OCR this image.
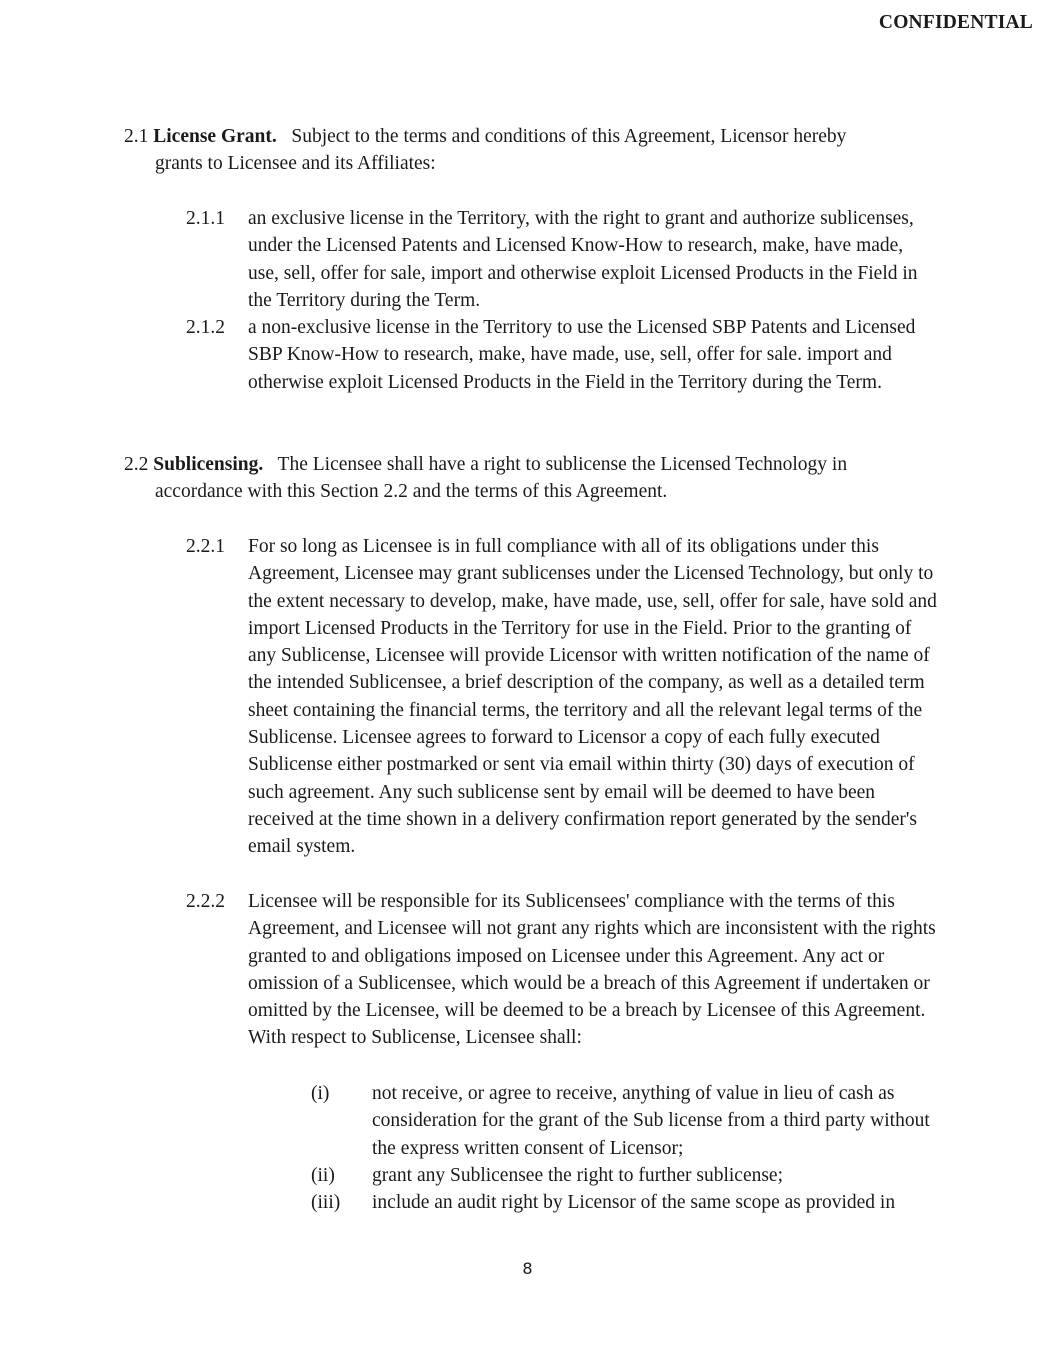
CONFIDENTIAL
2.1 License Grant. Subject to the terms and conditions of this Agreement, Licensor hereby
grants to Licensee and its Affiliates:
2.1.1 an exclusive license in the Territory, with the right to grant and authorize sublicenses, under the Licensed Patents and Licensed Know-How to research, make, have made, use, sell, offer for sale, import and otherwise exploit Licensed Products in the Field in the Territory during the Term.
2.1.2 a non-exclusive license in the Territory to use the Licensed SBP Patents and Licensed SBP Know-How to research, make, have made, use, sell, offer for sale. import and otherwise exploit Licensed Products in the Field in the Territory during the Term.
2.2 Sublicensing. The Licensee shall have a right to sublicense the Licensed Technology in
accordance with this Section 2.2 and the terms of this Agreement.
2.2.1 For so long as Licensee is in full compliance with all of its obligations under this Agreement, Licensee may grant sublicenses under the Licensed Technology, but only to the extent necessary to develop, make, have made, use, sell, offer for sale, have sold and import Licensed Products in the Territory for use in the Field. Prior to the granting of any Sublicense, Licensee will provide Licensor with written notification of the name of the intended Sublicensee, a brief description of the company, as well as a detailed term sheet containing the financial terms, the territory and all the relevant legal terms of the Sublicense. Licensee agrees to forward to Licensor a copy of each fully executed Sublicense either postmarked or sent via email within thirty (30) days of execution of such agreement. Any such sublicense sent by email will be deemed to have been received at the time shown in a delivery confirmation report generated by the sender's email system.
2.2.2 Licensee will be responsible for its Sublicensees' compliance with the terms of this Agreement, and Licensee will not grant any rights which are inconsistent with the rights granted to and obligations imposed on Licensee under this Agreement. Any act or omission of a Sublicensee, which would be a breach of this Agreement if undertaken or omitted by the Licensee, will be deemed to be a breach by Licensee of this Agreement. With respect to Sublicense, Licensee shall:
(i) not receive, or agree to receive, anything of value in lieu of cash as consideration for the grant of the Sub license from a third party without the express written consent of Licensor;
(ii) grant any Sublicensee the right to further sublicense;
(iii) include an audit right by Licensor of the same scope as provided in
8
